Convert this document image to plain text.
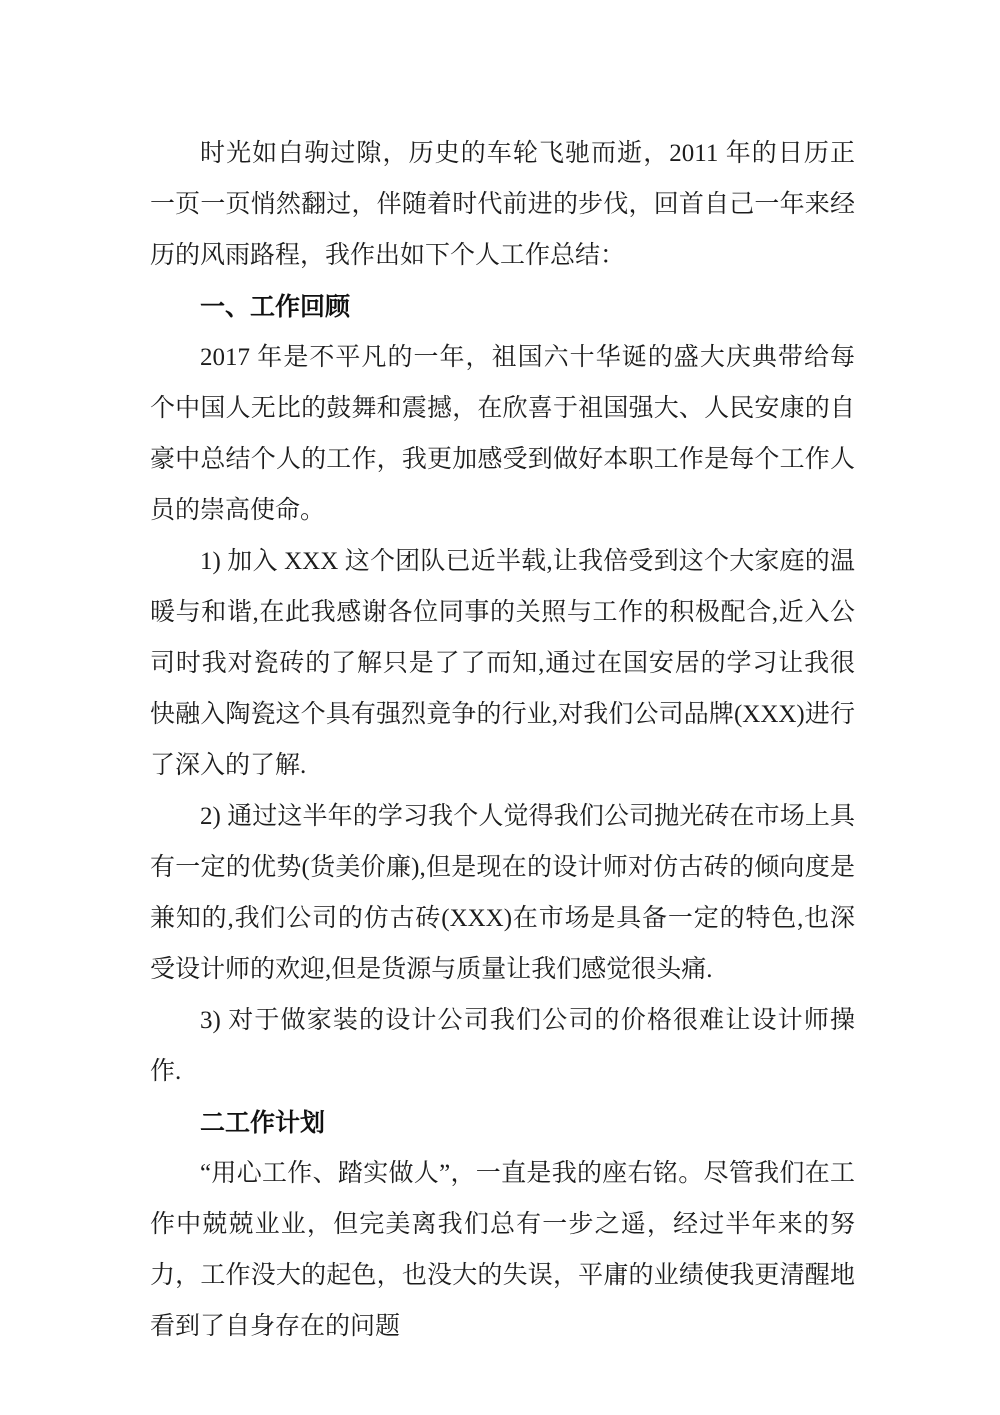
时光如白驹过隙，历史的车轮飞驰而逝，2011 年的日历正一页一页悄然翻过，伴随着时代前进的步伐，回首自己一年来经历的风雨路程，我作出如下个人工作总结：

一、工作回顾

2017 年是不平凡的一年，祖国六十华诞的盛大庆典带给每个中国人无比的鼓舞和震撼，在欣喜于祖国强大、人民安康的自豪中总结个人的工作，我更加感受到做好本职工作是每个工作人员的崇高使命。

1) 加入 XXX 这个团队已近半载,让我倍受到这个大家庭的温暖与和谐,在此我感谢各位同事的关照与工作的积极配合,近入公司时我对瓷砖的了解只是了了而知,通过在国安居的学习让我很快融入陶瓷这个具有强烈竟争的行业,对我们公司品牌(XXX)进行了深入的了解.

2) 通过这半年的学习我个人觉得我们公司抛光砖在市场上具有一定的优势(货美价廉),但是现在的设计师对仿古砖的倾向度是兼知的,我们公司的仿古砖(XXX)在市场是具备一定的特色,也深受设计师的欢迎,但是货源与质量让我们感觉很头痛.

3) 对于做家装的设计公司我们公司的价格很难让设计师操作.

二工作计划

“用心工作、踏实做人”，一直是我的座右铭。尽管我们在工作中兢兢业业，但完美离我们总有一步之遥，经过半年来的努力，工作没大的起色，也没大的失误，平庸的业绩使我更清醒地看到了自身存在的问题
